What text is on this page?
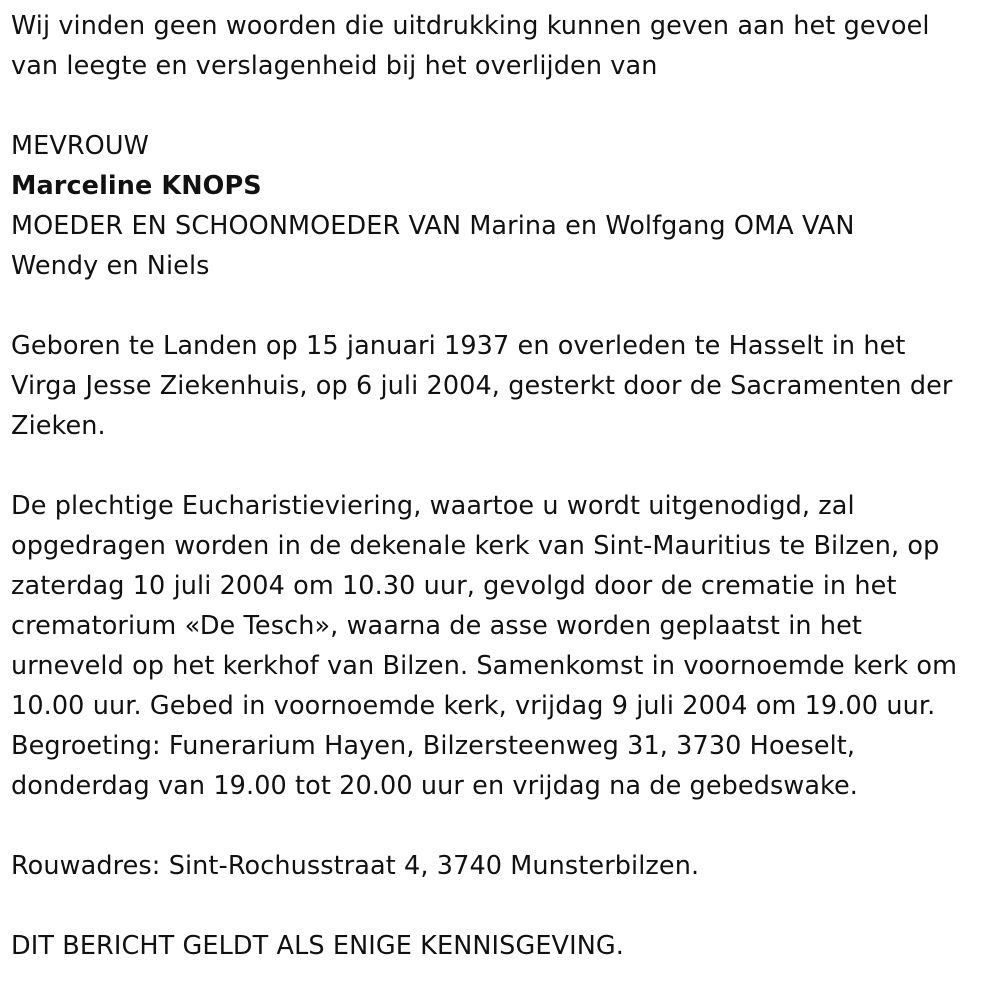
Wij vinden geen woorden die uitdrukking kunnen geven aan het gevoel
van leegte en verslagenheid bij het overlijden van
MEVROUW
Marceline KNOPS
MOEDER EN SCHOONMOEDER VAN Marina en Wolfgang OMA VAN
Wendy en Niels
Geboren te Landen op 15 januari 1937 en overleden te Hasselt in het
Virga Jesse Ziekenhuis, op 6 juli 2004, gesterkt door de Sacramenten der
Zieken.
De plechtige Eucharistieviering, waartoe u wordt uitgenodigd, zal
opgedragen worden in de dekenale kerk van Sint-Mauritius te Bilzen, op
zaterdag 10 juli 2004 om 10.30 uur, gevolgd door de crematie in het
crematorium «De Tesch», waarna de asse worden geplaatst in het
urneveld op het kerkhof van Bilzen. Samenkomst in voornoemde kerk om
10.00 uur. Gebed in voornoemde kerk, vrijdag 9 juli 2004 om 19.00 uur.
Begroeting: Funerarium Hayen, Bilzersteenweg 31, 3730 Hoeselt,
donderdag van 19.00 tot 20.00 uur en vrijdag na de gebedswake.
Rouwadres: Sint-Rochusstraat 4, 3740 Munsterbilzen.
DIT BERICHT GELDT ALS ENIGE KENNISGEVING.
